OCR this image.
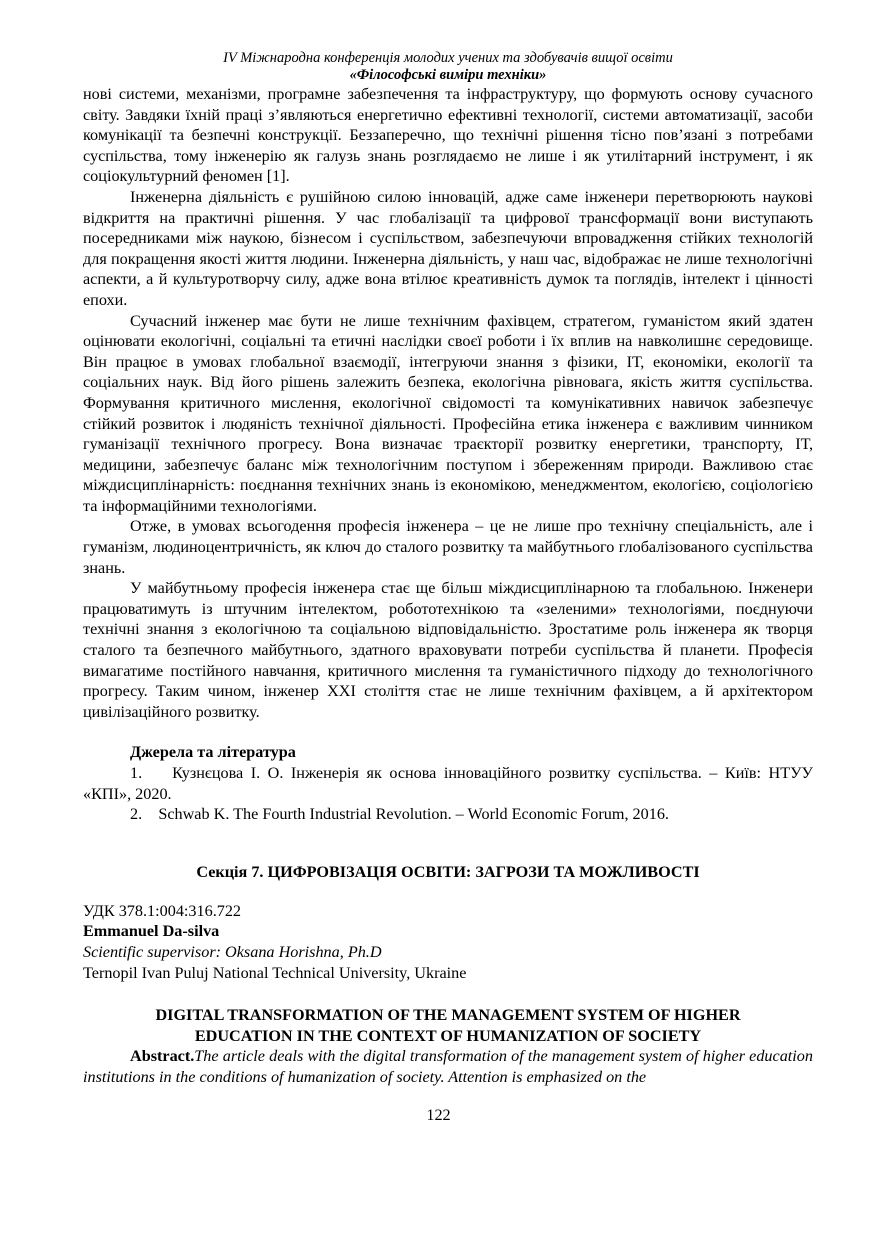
IV Міжнародна конференція молодих учених та здобувачів вищої освіти
«Філософські виміри техніки»

нові системи, механізми, програмне забезпечення та інфраструктуру, що формують основу сучасного світу. Завдяки їхній праці з’являються енергетично ефективні технології, системи автоматизації, засоби комунікації та безпечні конструкції. Беззаперечно, що технічні рішення тісно пов’язані з потребами суспільства, тому інженерію як галузь знань розглядаємо не лише і як утилітарний інструмент, і як соціокультурний феномен [1].

Інженерна діяльність є рушійною силою інновацій, адже саме інженери перетворюють наукові відкриття на практичні рішення. У час глобалізації та цифрової трансформації вони виступають посередниками між наукою, бізнесом і суспільством, забезпечуючи впровадження стійких технологій для покращення якості життя людини. Інженерна діяльність, у наш час, відображає не лише технологічні аспекти, а й культуротворчу силу, адже вона втілює креативність думок та поглядів, інтелект і цінності епохи.

Сучасний інженер має бути не лише технічним фахівцем, стратегом, гуманістом який здатен оцінювати екологічні, соціальні та етичні наслідки своєї роботи і їх вплив на навколишнє середовище. Він працює в умовах глобальної взаємодії, інтегруючи знання з фізики, ІТ, економіки, екології та соціальних наук. Від його рішень залежить безпека, екологічна рівновага, якість життя суспільства. Формування критичного мислення, екологічної свідомості та комунікативних навичок забезпечує стійкий розвиток і людяність технічної діяльності. Професійна етика інженера є важливим чинником гуманізації технічного прогресу. Вона визначає траєкторії розвитку енергетики, транспорту, ІТ, медицини, забезпечує баланс між технологічним поступом і збереженням природи. Важливою стає міждисциплінарність: поєднання технічних знань із економікою, менеджментом, екологією, соціологією та інформаційними технологіями.

Отже, в умовах всьогодення професія інженера – це не лише про технічну спеціальність, але і гуманізм, людиноцентричність, як ключ до сталого розвитку та майбутнього глобалізованого суспільства знань.

У майбутньому професія інженера стає ще більш міждисциплінарною та глобальною. Інженери працюватимуть із штучним інтелектом, робототехнікою та «зеленими» технологіями, поєднуючи технічні знання з екологічною та соціальною відповідальністю. Зростатиме роль інженера як творця сталого та безпечного майбутнього, здатного враховувати потреби суспільства й планети. Професія вимагатиме постійного навчання, критичного мислення та гуманістичного підходу до технологічного прогресу. Таким чином, інженер XXI століття стає не лише технічним фахівцем, а й архітектором цивілізаційного розвитку.

Джерела та література

1. Кузнєцова І. О. Інженерія як основа інноваційного розвитку суспільства. – Київ: НТУУ «КПІ», 2020.

2. Schwab K. The Fourth Industrial Revolution. – World Economic Forum, 2016.

Секція 7. ЦИФРОВІЗАЦІЯ ОСВІТИ: ЗАГРОЗИ ТА МОЖЛИВОСТІ
УДК 378.1:004:316.722
Emmanuel Da-silva
Scientific supervisor: Oksana Horishna, Ph.D
Ternopil Ivan Puluj National Technical University, Ukraine
DIGITAL TRANSFORMATION OF THE MANAGEMENT SYSTEM OF HIGHER
EDUCATION IN THE CONTEXT OF HUMANIZATION OF SOCIETY

Abstract.The article deals with the digital transformation of the management system of higher education institutions in the conditions of humanization of society. Attention is emphasized on the

122
